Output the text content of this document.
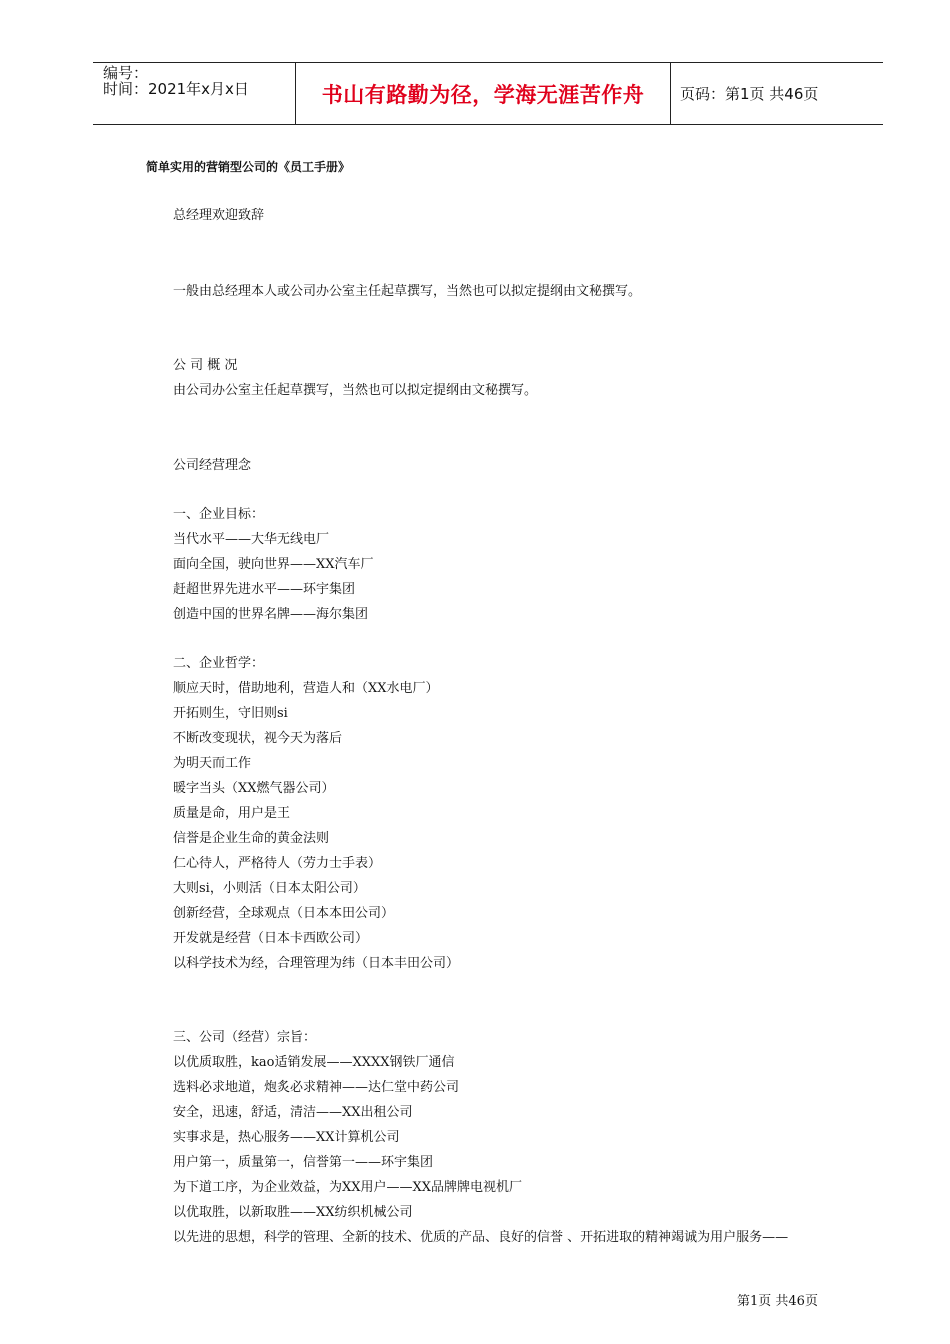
编号：
时间：2021年x月x日	书山有路勤为径，学海无涯苦作舟 页码：第1页 共46页
简单实用的营销型公司的《员工手册》
总经理欢迎致辞
一般由总经理本人或公司办公室主任起草撰写，当然也可以拟定提纲由文秘撰写。
公 司 概 况
由公司办公室主任起草撰写，当然也可以拟定提纲由文秘撰写。
公司经营理念
一、企业目标：
当代水平——大华无线电厂
面向全国，驶向世界——XX汽车厂
赶超世界先进水平——环宇集团
创造中国的世界名牌——海尔集团
二、企业哲学：
顺应天时，借助地利，营造人和（XX水电厂）
开拓则生，守旧则si
不断改变现状，视今天为落后
为明天而工作
暖字当头（XX燃气器公司）
质量是命，用户是王
信誉是企业生命的黄金法则
仁心待人，严格待人（劳力士手表）
大则si，小则活（日本太阳公司）
创新经营，全球观点（日本本田公司）
开发就是经营（日本卡西欧公司）
以科学技术为经，合理管理为纬（日本丰田公司）
三、公司（经营）宗旨：
以优质取胜，kao适销发展——XXXX钢铁厂通信
选料必求地道，炮炙必求精神——达仁堂中药公司
安全，迅速，舒适，清洁——XX出租公司
实事求是，热心服务——XX计算机公司
用户第一，质量第一，信誉第一——环宇集团
为下道工序，为企业效益，为XX用户——XX品牌牌电视机厂
以优取胜，以新取胜——XX纺织机械公司
以先进的思想，科学的管理、全新的技术、优质的产品、良好的信誉 、开拓进取的精神竭诚为用户服务——
第1页 共46页
